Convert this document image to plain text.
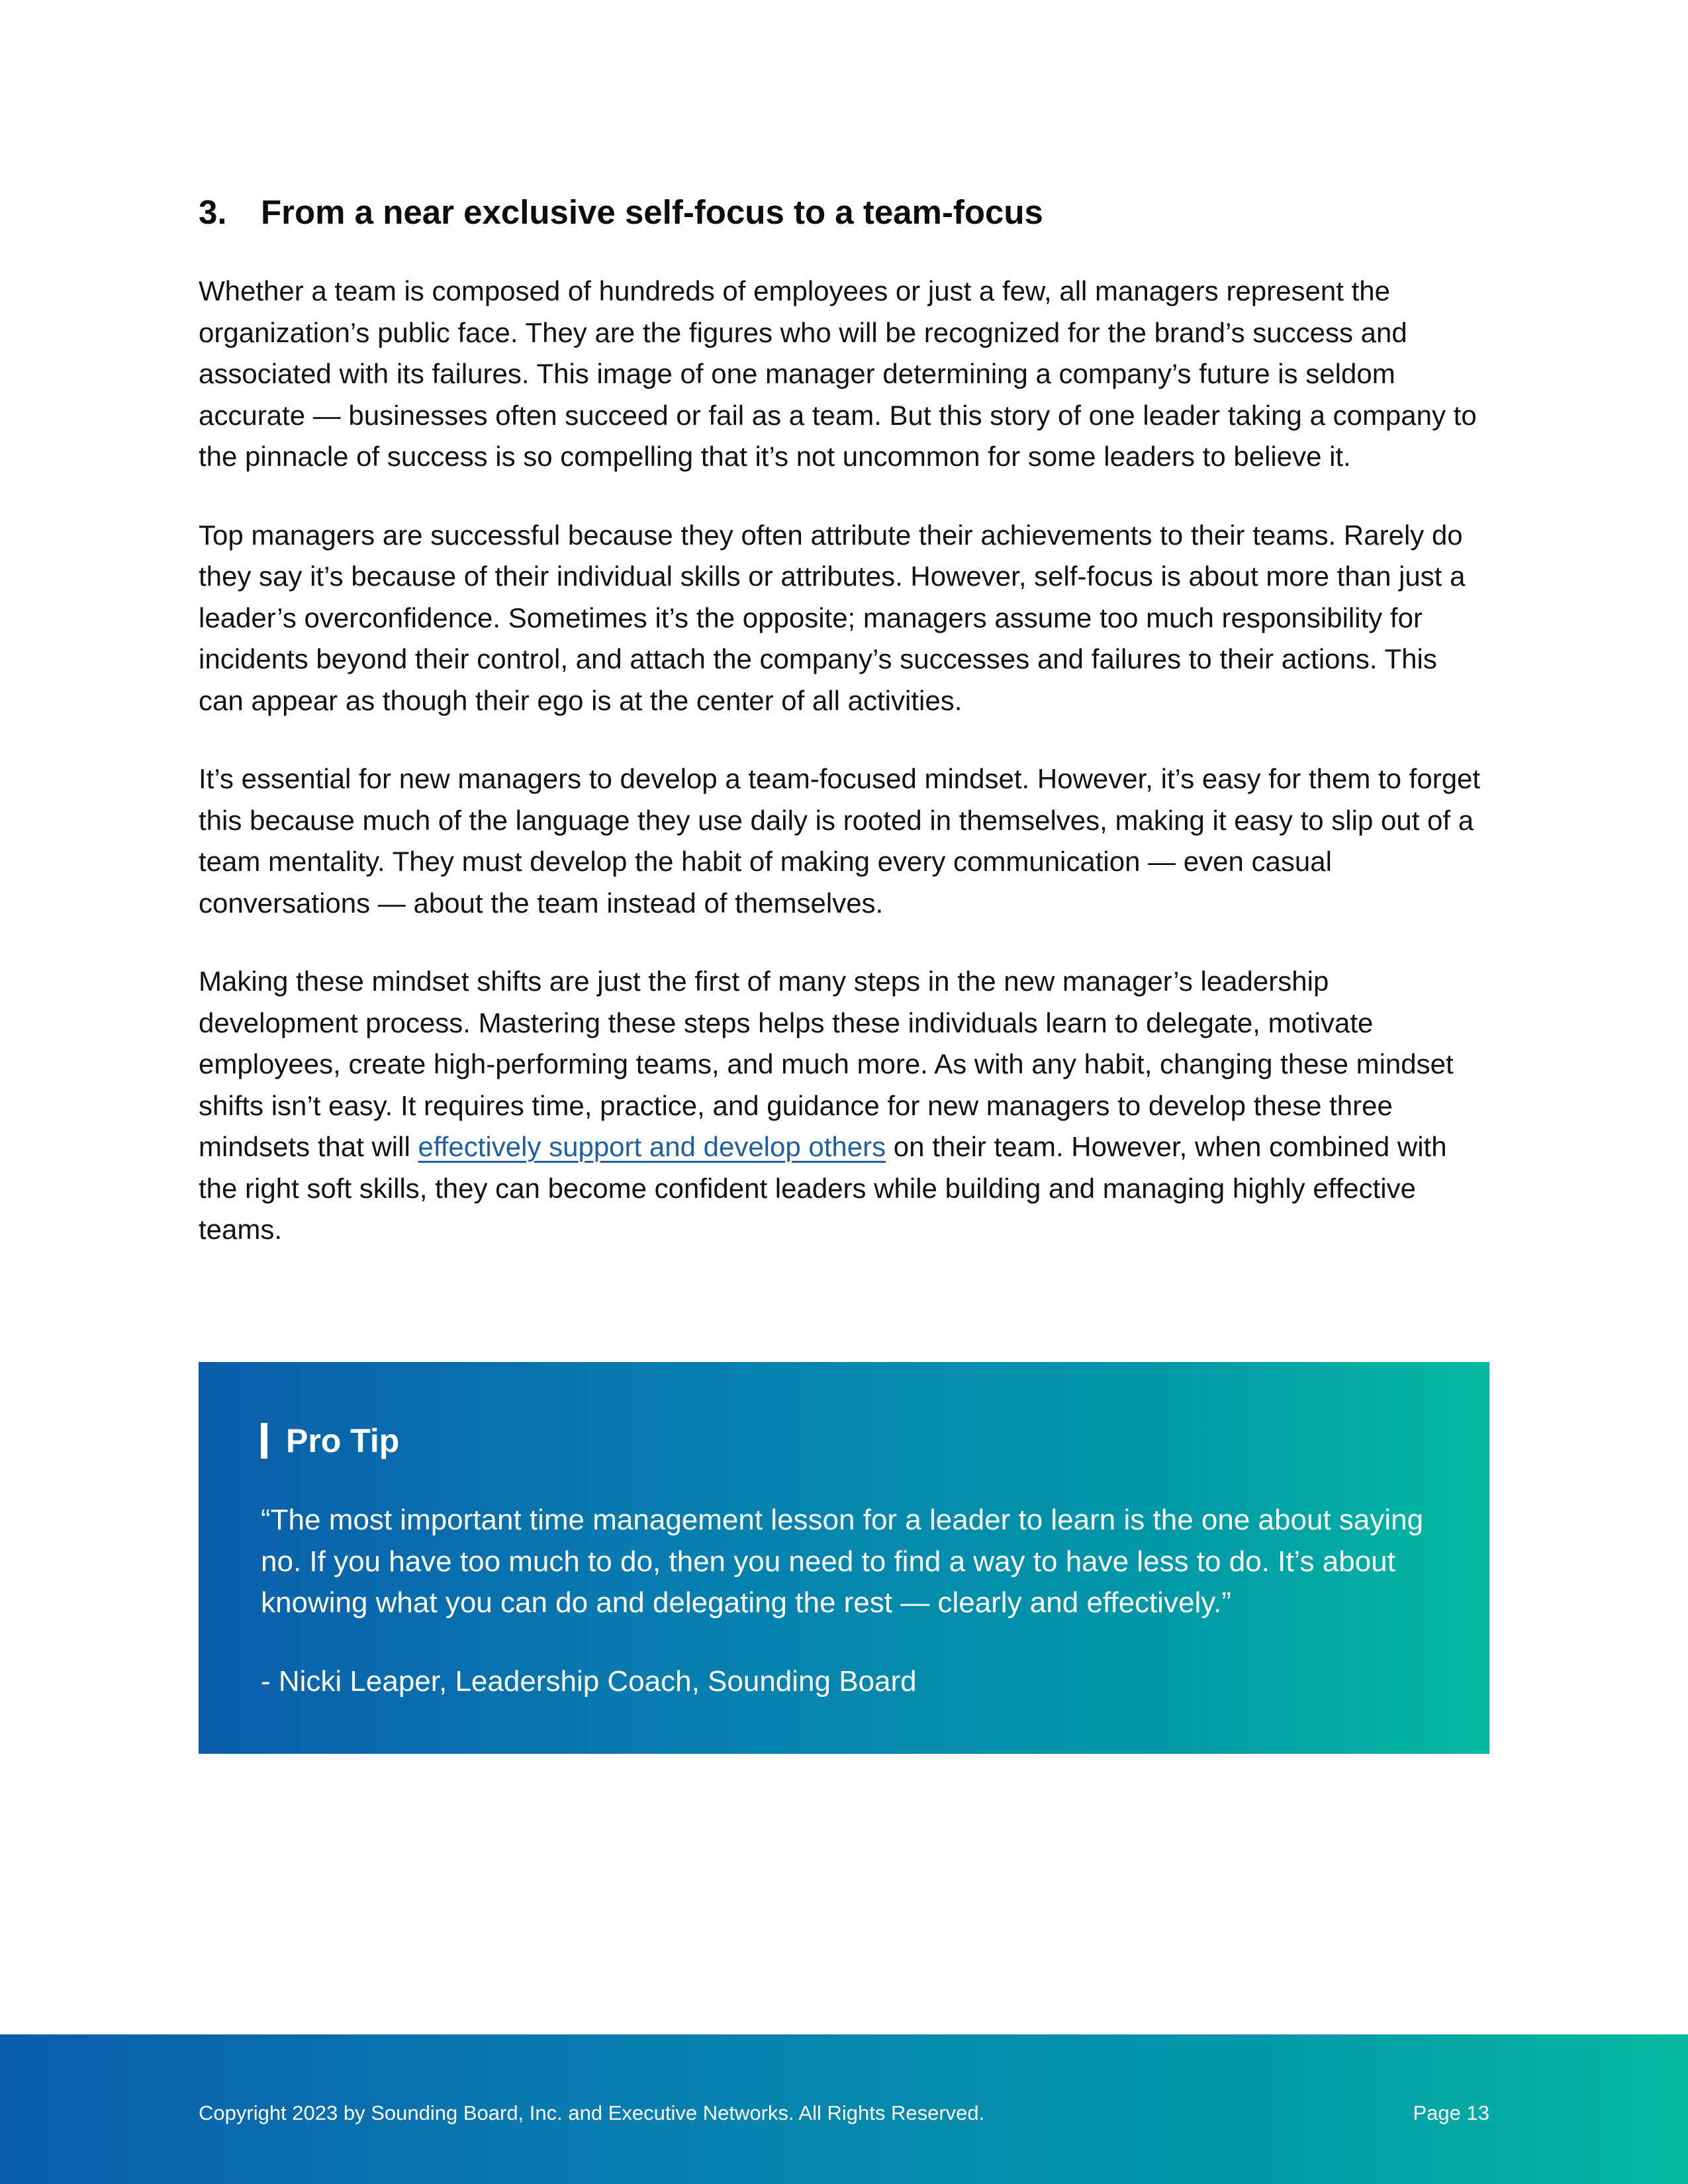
3.	From a near exclusive self-focus to a team-focus

Whether a team is composed of hundreds of employees or just a few, all managers represent the organization’s public face. They are the figures who will be recognized for the brand’s success and associated with its failures. This image of one manager determining a company’s future is seldom accurate — businesses often succeed or fail as a team. But this story of one leader taking a company to the pinnacle of success is so compelling that it’s not uncommon for some leaders to believe it.

Top managers are successful because they often attribute their achievements to their teams. Rarely do they say it’s because of their individual skills or attributes. However, self-focus is about more than just a leader’s overconfidence. Sometimes it’s the opposite; managers assume too much responsibility for incidents beyond their control, and attach the company’s successes and failures to their actions. This can appear as though their ego is at the center of all activities.

It’s essential for new managers to develop a team-focused mindset. However, it’s easy for them to forget this because much of the language they use daily is rooted in themselves, making it easy to slip out of a team mentality. They must develop the habit of making every communication — even casual conversations — about the team instead of themselves.

Making these mindset shifts are just the first of many steps in the new manager’s leadership development process. Mastering these steps helps these individuals learn to delegate, motivate employees, create high-performing teams, and much more. As with any habit, changing these mindset shifts isn’t easy. It requires time, practice, and guidance for new managers to develop these three mindsets that will effectively support and develop others on their team. However, when combined with the right soft skills, they can become confident leaders while building and managing highly effective teams.

Pro Tip

“The most important time management lesson for a leader to learn is the one about saying no. If you have too much to do, then you need to find a way to have less to do. It’s about knowing what you can do and delegating the rest — clearly and effectively.”

- Nicki Leaper, Leadership Coach, Sounding Board

Copyright 2023 by Sounding Board, Inc. and Executive Networks. All Rights Reserved.	Page 13
